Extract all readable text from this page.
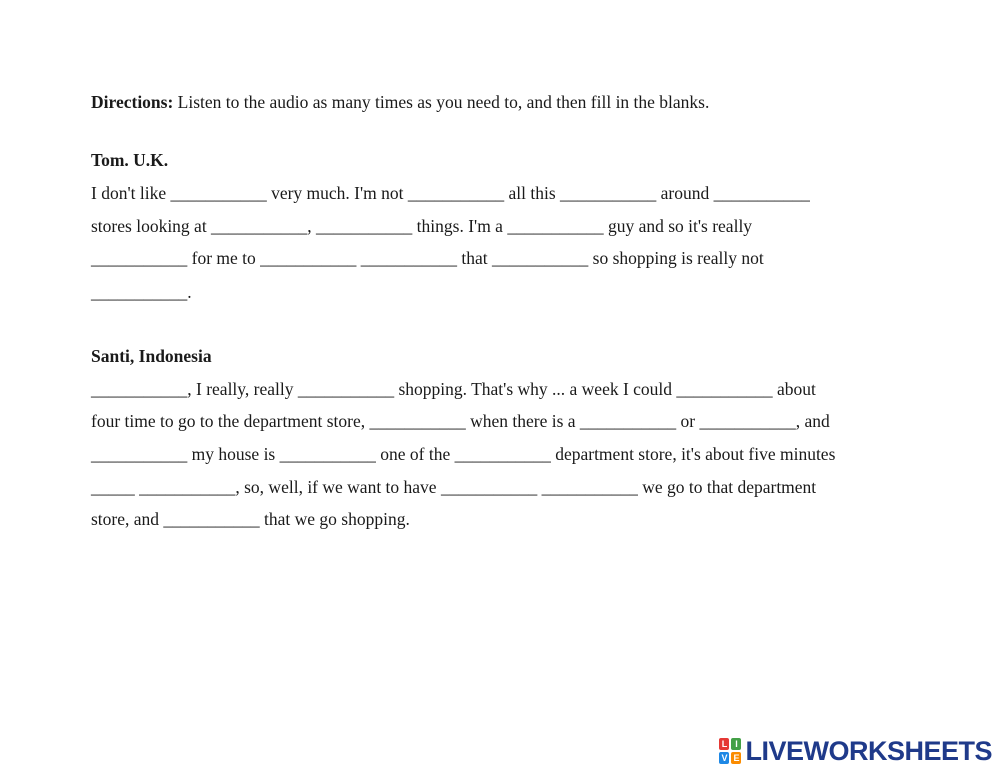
Directions: Listen to the audio as many times as you need to, and then fill in the blanks.
Tom. U.K.
I don't like ___________ very much. I'm not ___________ all this ___________ around ___________
stores looking at ___________, ___________ things. I'm a ___________ guy and so it's really
___________ for me to ___________ ___________ that ___________ so shopping is really not
___________.
Santi, Indonesia
___________, I really, really ___________ shopping. That's why ... a week I could ___________ about
four time to go to the department store, ___________ when there is a ___________ or ___________, and
___________ my house is ___________ one of the ___________ department store, it's about five minutes
_____ ___________, so, well, if we want to have ___________ ___________ we go to that department
store, and ___________ that we go shopping.
L I
V E LIVEWORKSHEETS
